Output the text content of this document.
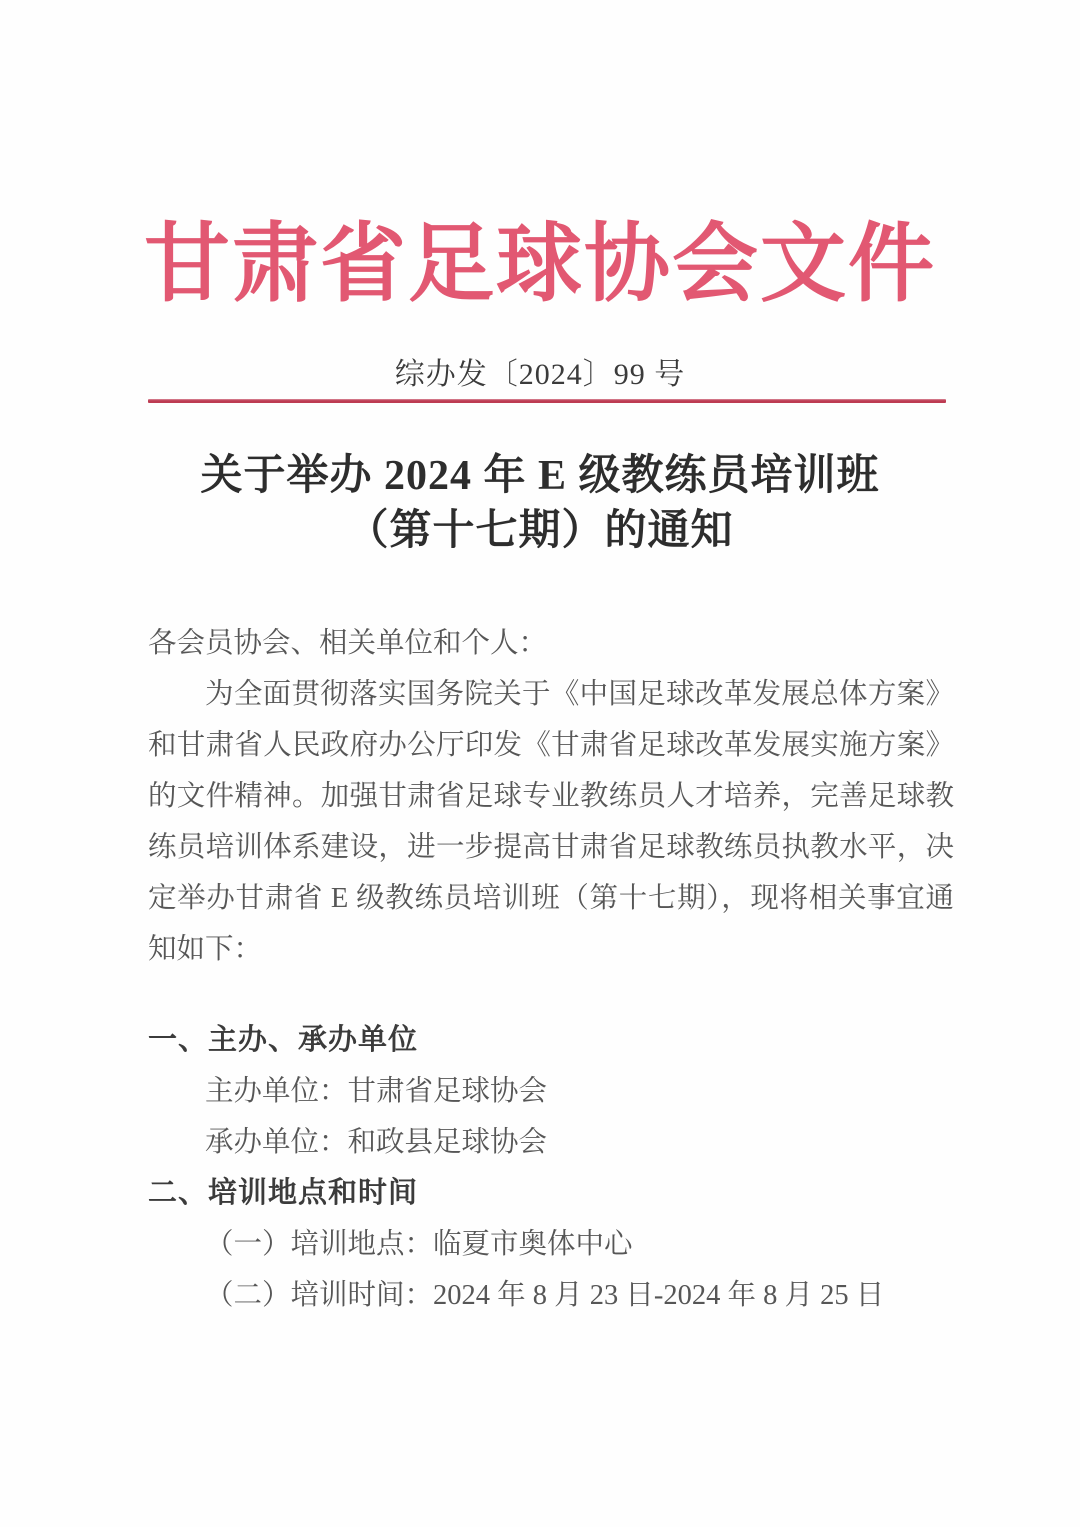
甘肃省足球协会文件
综办发〔2024〕99 号
关于举办 2024 年 E 级教练员培训班
（第十七期）的通知
各会员协会、相关单位和个人：
为全面贯彻落实国务院关于《中国足球改革发展总体方案》
和甘肃省人民政府办公厅印发《甘肃省足球改革发展实施方案》
的文件精神。加强甘肃省足球专业教练员人才培养，完善足球教
练员培训体系建设，进一步提高甘肃省足球教练员执教水平，决
定举办甘肃省 E 级教练员培训班（第十七期），现将相关事宜通
知如下：
一、主办、承办单位
主办单位：甘肃省足球协会
承办单位：和政县足球协会
二、培训地点和时间
（一）培训地点：临夏市奥体中心
（二）培训时间：2024 年 8 月 23 日-2024 年 8 月 25 日
